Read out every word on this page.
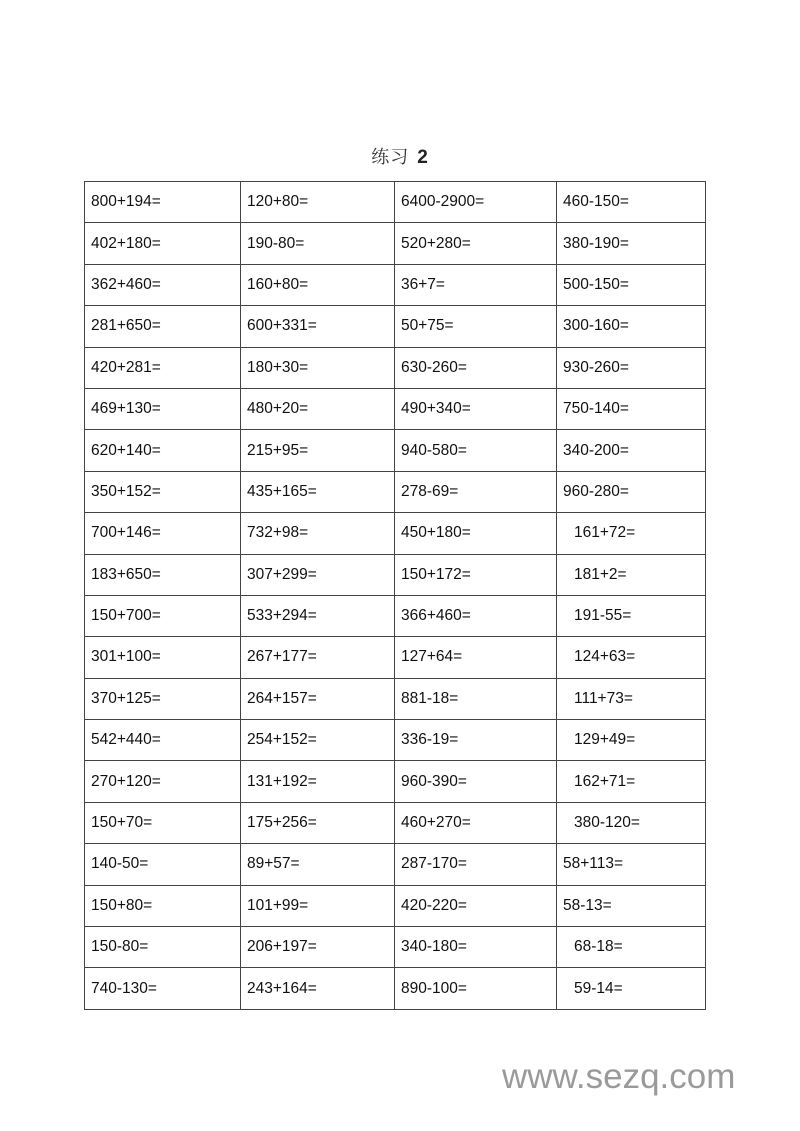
练习 2
800+194=	120+80=	6400-2900=	460-150=
402+180=	190-80=	520+280=	380-190=
362+460=	160+80=	36+7=	500-150=
281+650=	600+331=	50+75=	300-160=
420+281=	180+30=	630-260=	930-260=
469+130=	480+20=	490+340=	750-140=
620+140=	215+95=	940-580=	340-200=
350+152=	435+165=	278-69=	960-280=
700+146=	732+98=	450+180=	161+72=
183+650=	307+299=	150+172=	181+2=
150+700=	533+294=	366+460=	191-55=
301+100=	267+177=	127+64=	124+63=
370+125=	264+157=	881-18=	111+73=
542+440=	254+152=	336-19=	129+49=
270+120=	131+192=	960-390=	162+71=
150+70=	175+256=	460+270=	380-120=
140-50=	89+57=	287-170=	58+113=
150+80=	101+99=	420-220=	58-13=
150-80=	206+197=	340-180=	68-18=
740-130=	243+164=	890-100=	59-14=
www.sezq.com
